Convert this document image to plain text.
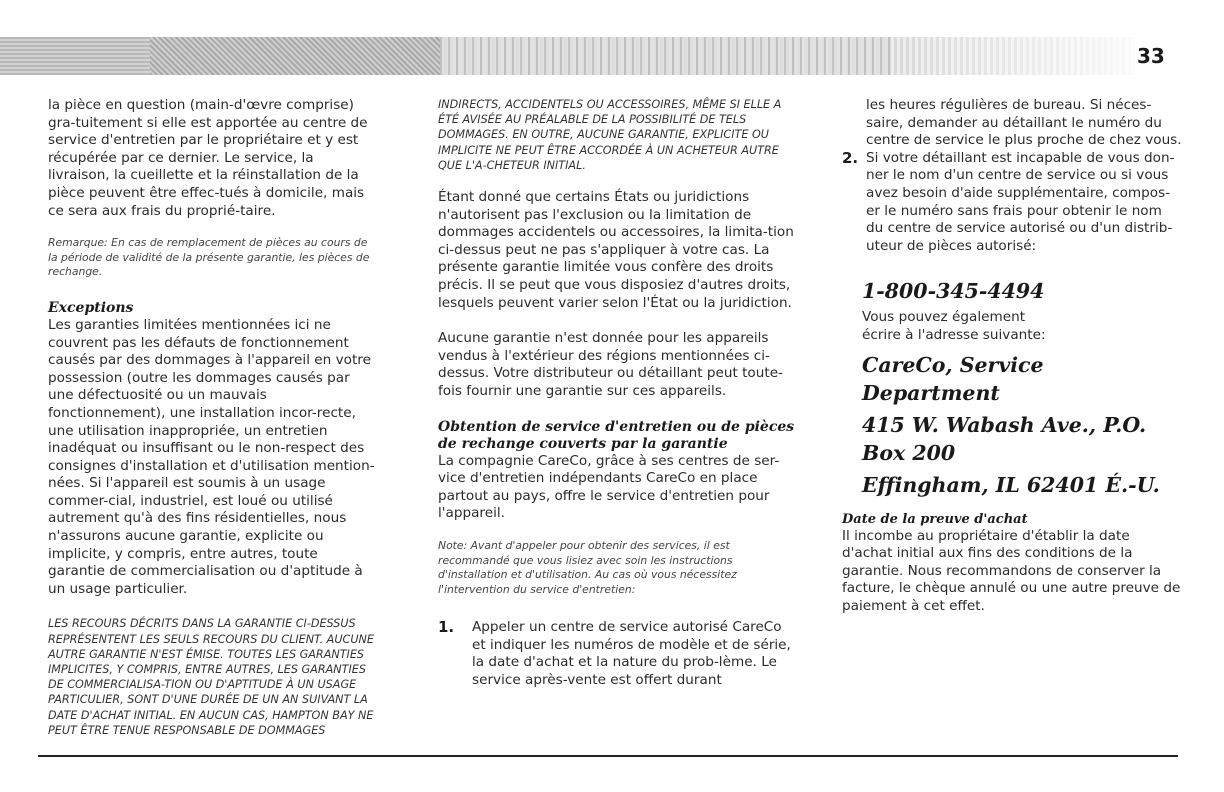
33

la pièce en question (main-d'œvre comprise) gra-tuitement si elle est apportée au centre de service d'entretien par le propriétaire et y est récupérée par ce dernier. Le service, la livraison, la cueillette et la réinstallation de la pièce peuvent être effec-tués à domicile, mais ce sera aux frais du proprié-taire.

Remarque: En cas de remplacement de pièces au cours de la période de validité de la présente garantie, les pièces de rechange.

Exceptions

Les garanties limitées mentionnées ici ne couvrent pas les défauts de fonctionnement causés par des dommages à l'appareil en votre possession (outre les dommages causés par une défectuosité ou un mauvais fonctionnement), une installation incor-recte, une utilisation inappropriée, un entretien inadéquat ou insuffisant ou le non-respect des consignes d'installation et d'utilisation mention-nées. Si l'appareil est soumis à un usage commer-cial, industriel, est loué ou utilisé autrement qu'à des fins résidentielles, nous n'assurons aucune garantie, explicite ou implicite, y compris, entre autres, toute garantie de commercialisation ou d'aptitude à un usage particulier.

LES RECOURS DÉCRITS DANS LA GARANTIE CI-DESSUS REPRÉSENTENT LES SEULS RECOURS DU CLIENT. AUCUNE AUTRE GARANTIE N'EST ÉMISE. TOUTES LES GARANTIES IMPLICITES, Y COMPRIS, ENTRE AUTRES, LES GARANTIES DE COMMERCIALISA-TION OU D'APTITUDE À UN USAGE PARTICULIER, SONT D'UNE DURÉE DE UN AN SUIVANT LA DATE D'ACHAT INITIAL. EN AUCUN CAS, HAMPTON BAY NE PEUT ÊTRE TENUE RESPONSABLE DE DOMMAGES

INDIRECTS, ACCIDENTELS OU ACCESSOIRES, MÊME SI ELLE A ÉTÉ AVISÉE AU PRÉALABLE DE LA POSSIBILITÉ DE TELS DOMMAGES. EN OUTRE, AUCUNE GARANTIE, EXPLICITE OU IMPLICITE NE PEUT ÊTRE ACCORDÉE À UN ACHETEUR AUTRE QUE L'A-CHETEUR INITIAL.

Étant donné que certains États ou juridictions n'autorisent pas l'exclusion ou la limitation de dommages accidentels ou accessoires, la limita-tion ci-dessus peut ne pas s'appliquer à votre cas. La présente garantie limitée vous confère des droits précis. Il se peut que vous disposiez d'autres droits, lesquels peuvent varier selon l'État ou la juridiction.

Aucune garantie n'est donnée pour les appareils vendus à l'extérieur des régions mentionnées ci-dessus. Votre distributeur ou détaillant peut toute-fois fournir une garantie sur ces appareils.

Obtention de service d'entretien ou de pièces

de rechange couverts par la garantie

La compagnie CareCo, grâce à ses centres de ser-vice d'entretien indépendants CareCo en place partout au pays, offre le service d'entretien pour l'appareil.

Note: Avant d'appeler pour obtenir des services, il est recommandé que vous lisiez avec soin les instructions d'installation et d'utilisation. Au cas où vous nécessitez l'intervention du service d'entretien:

1. Appeler un centre de service autorisé CareCo et indiquer les numéros de modèle et de série, la date d'achat et la nature du prob-lème. Le service après-vente est offert durant

les heures régulières de bureau. Si néces-saire, demander au détaillant le numéro du centre de service le plus proche de chez vous.

2. Si votre détaillant est incapable de vous don-ner le nom d'un centre de service ou si vous avez besoin d'aide supplémentaire, compos-er le numéro sans frais pour obtenir le nom du centre de service autorisé ou d'un distrib-uteur de pièces autorisé:

1-800-345-4494

Vous pouvez également

écrire à l'adresse suivante:

CareCo, Service Department

415 W. Wabash Ave., P.O. Box 200

Effingham, IL 62401 É.-U.

Date de la preuve d'achat

Il incombe au propriétaire d'établir la date d'achat initial aux fins des conditions de la garantie. Nous recommandons de conserver la facture, le chèque annulé ou une autre preuve de paiement à cet effet.
